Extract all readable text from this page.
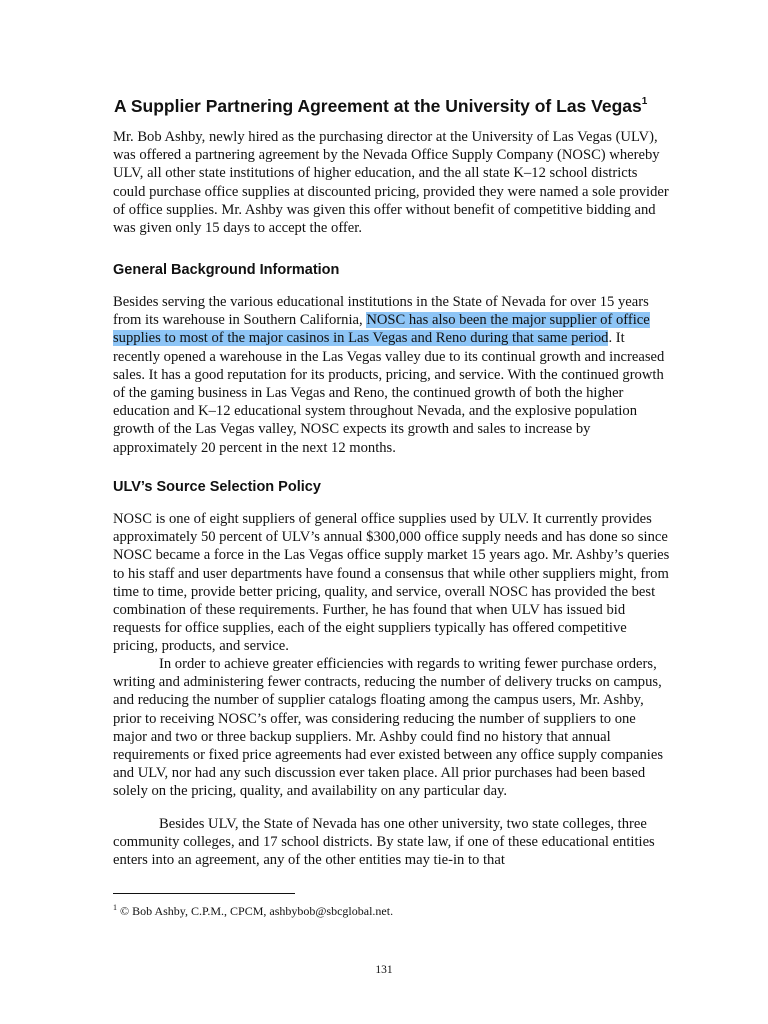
A Supplier Partnering Agreement at the University of Las Vegas$^1$

Mr. Bob Ashby, newly hired as the purchasing director at the University of Las Vegas (ULV), was offered a partnering agreement by the Nevada Office Supply Company (NOSC) whereby ULV, all other state institutions of higher education, and the all state K–12 school districts could purchase office supplies at discounted pricing, provided they were named a sole provider of office supplies. Mr. Ashby was given this offer without benefit of competitive bidding and was given only 15 days to accept the offer.

General Background Information

Besides serving the various educational institutions in the State of Nevada for over 15 years from its warehouse in Southern California, NOSC has also been the major supplier of office supplies to most of the major casinos in Las Vegas and Reno during that same period. It recently opened a warehouse in the Las Vegas valley due to its continual growth and increased sales. It has a good reputation for its products, pricing, and service. With the continued growth of the gaming business in Las Vegas and Reno, the continued growth of both the higher education and K–12 educational system throughout Nevada, and the explosive population growth of the Las Vegas valley, NOSC expects its growth and sales to increase by approximately 20 percent in the next 12 months.

ULV’s Source Selection Policy

NOSC is one of eight suppliers of general office supplies used by ULV. It currently provides approximately 50 percent of ULV’s annual $300,000 office supply needs and has done so since NOSC became a force in the Las Vegas office supply market 15 years ago. Mr. Ashby’s queries to his staff and user departments have found a consensus that while other suppliers might, from time to time, provide better pricing, quality, and service, overall NOSC has provided the best combination of these requirements. Further, he has found that when ULV has issued bid requests for office supplies, each of the eight suppliers typically has offered competitive pricing, products, and service.

In order to achieve greater efficiencies with regards to writing fewer purchase orders, writing and administering fewer contracts, reducing the number of delivery trucks on campus, and reducing the number of supplier catalogs floating among the campus users, Mr. Ashby, prior to receiving NOSC’s offer, was considering reducing the number of suppliers to one major and two or three backup suppliers. Mr. Ashby could find no history that annual requirements or fixed price agreements had ever existed between any office supply companies and ULV, nor had any such discussion ever taken place. All prior purchases had been based solely on the pricing, quality, and availability on any particular day.

Besides ULV, the State of Nevada has one other university, two state colleges, three community colleges, and 17 school districts. By state law, if one of these educational entities enters into an agreement, any of the other entities may tie-in to that

$^1$ © Bob Ashby, C.P.M., CPCM, ashbybob@sbcglobal.net.

131
